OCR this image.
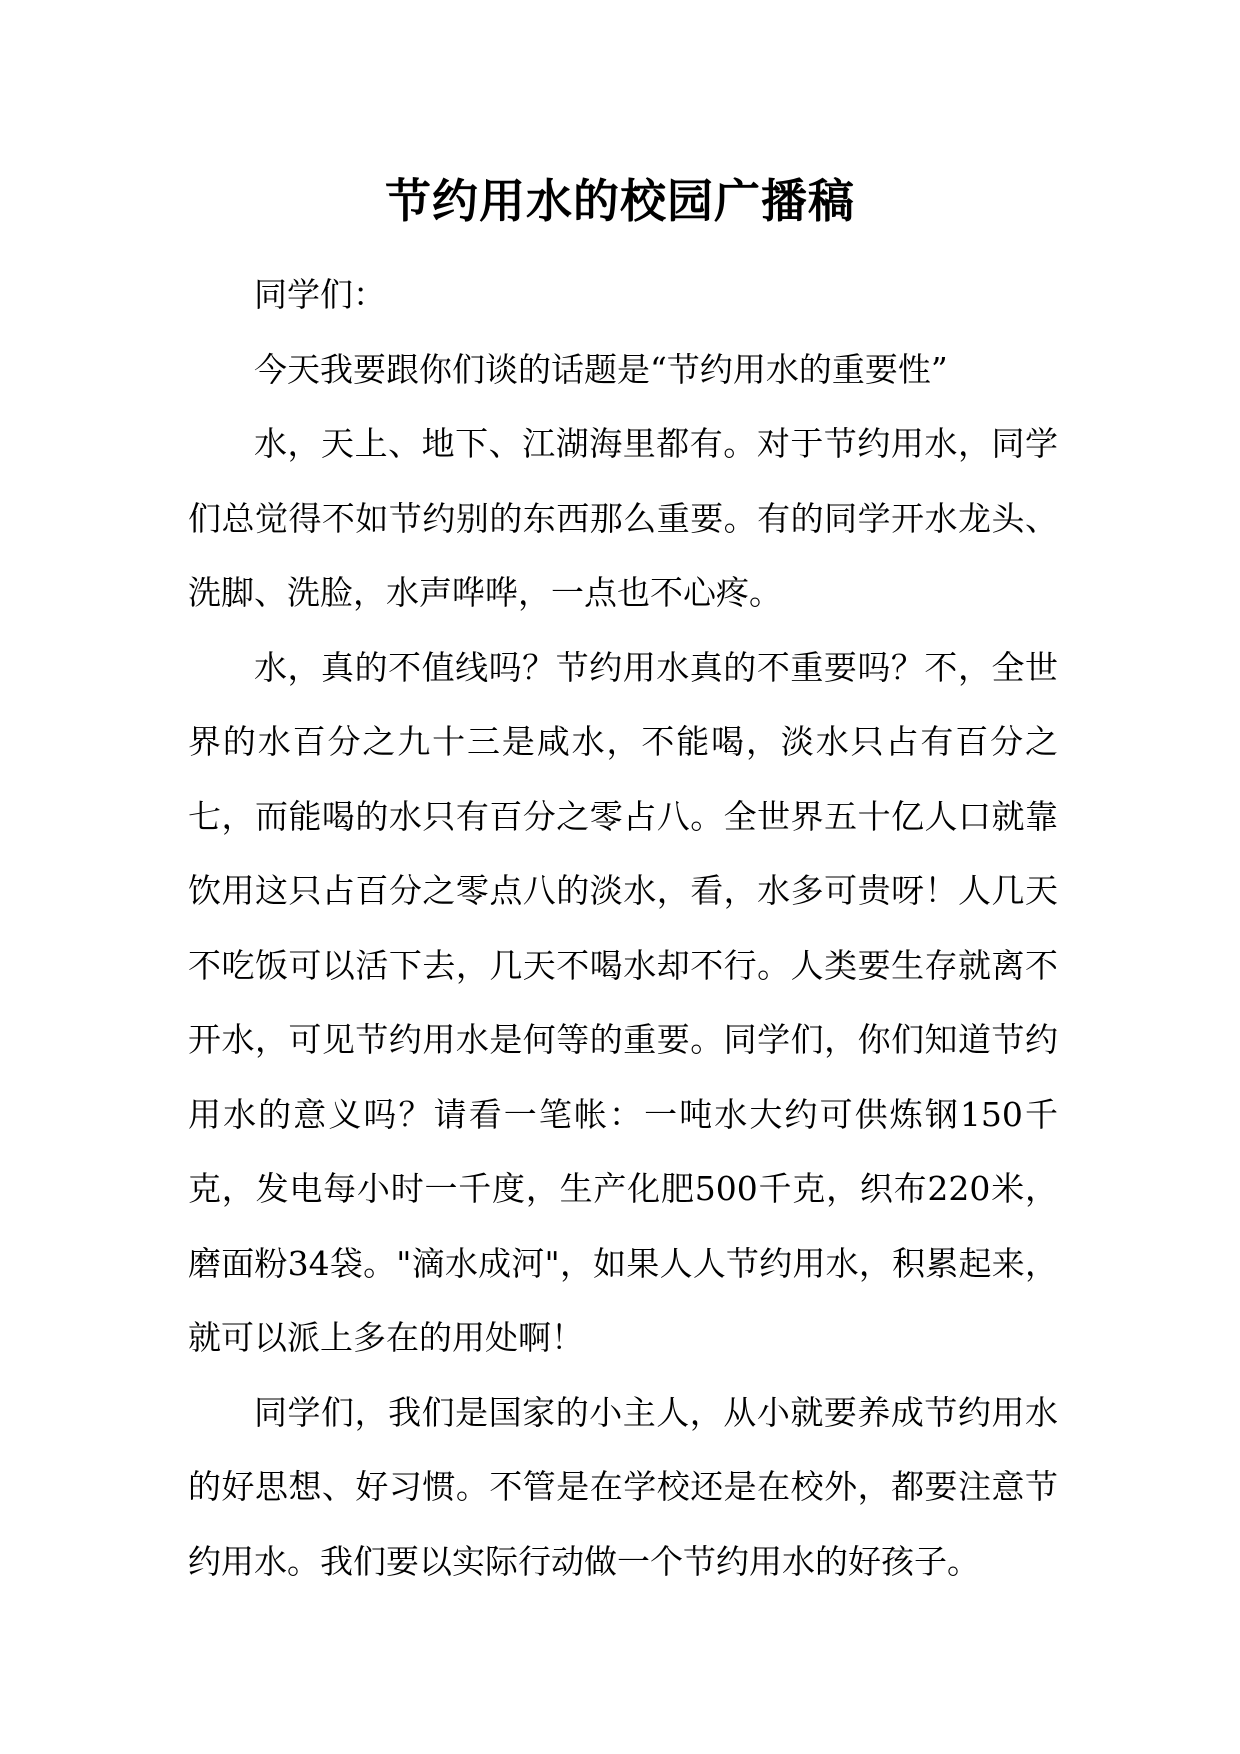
节约用水的校园广播稿

同学们：

今天我要跟你们谈的话题是“节约用水的重要性”

水，天上、地下、江湖海里都有。对于节约用水，同学们总觉得不如节约别的东西那么重要。有的同学开水龙头、洗脚、洗脸，水声哗哗，一点也不心疼。

水，真的不值线吗？节约用水真的不重要吗？不，全世界的水百分之九十三是咸水，不能喝，淡水只占有百分之七，而能喝的水只有百分之零占八。全世界五十亿人口就靠饮用这只占百分之零点八的淡水，看，水多可贵呀！人几天不吃饭可以活下去，几天不喝水却不行。人类要生存就离不开水，可见节约用水是何等的重要。同学们，你们知道节约用水的意义吗？请看一笔帐：一吨水大约可供炼钢150千克，发电每小时一千度，生产化肥500千克，织布220米，磨面粉34袋。"滴水成河"，如果人人节约用水，积累起来，就可以派上多在的用处啊！

同学们，我们是国家的小主人，从小就要养成节约用水的好思想、好习惯。不管是在学校还是在校外，都要注意节约用水。我们要以实际行动做一个节约用水的好孩子。
